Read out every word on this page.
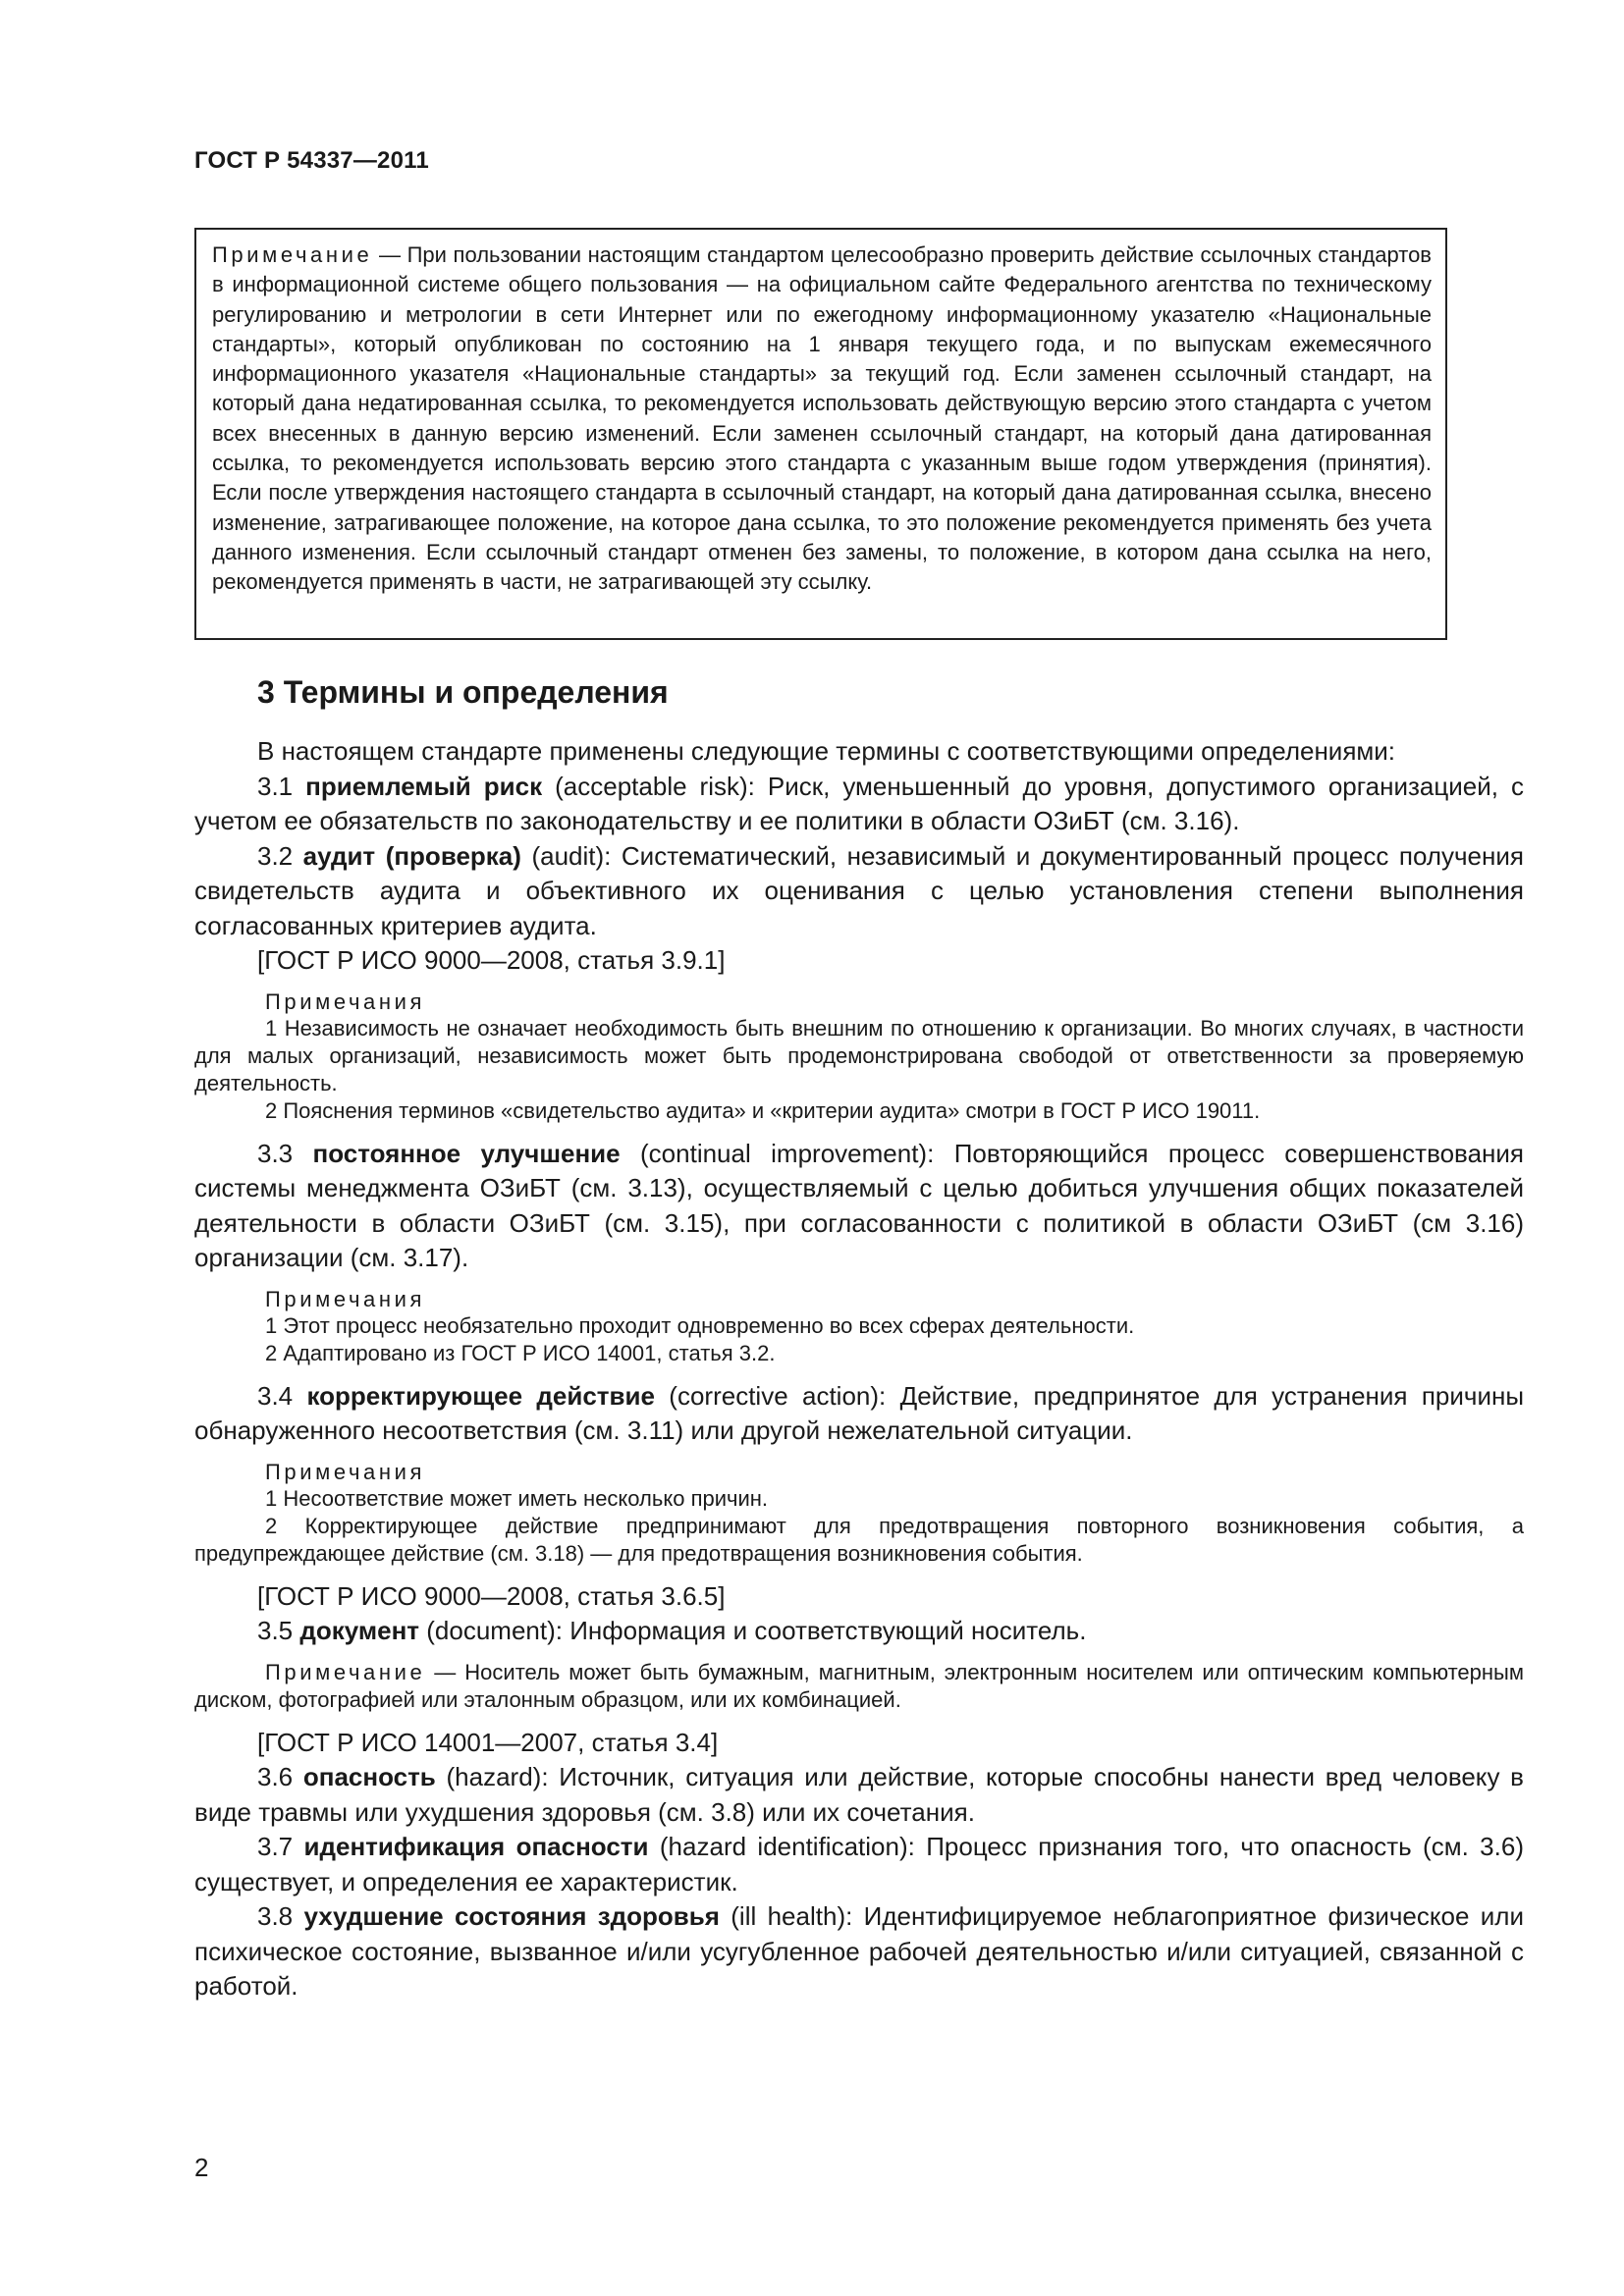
ГОСТ Р 54337—2011

Примечание — При пользовании настоящим стандартом целесообразно проверить действие ссылочных стандартов в информационной системе общего пользования — на официальном сайте Федерального агентства по техническому регулированию и метрологии в сети Интернет или по ежегодному информационному указателю «Национальные стандарты», который опубликован по состоянию на 1 января текущего года, и по выпускам ежемесячного информационного указателя «Национальные стандарты» за текущий год. Если заменен ссылочный стандарт, на который дана недатированная ссылка, то рекомендуется использовать действующую версию этого стандарта с учетом всех внесенных в данную версию изменений. Если заменен ссылочный стандарт, на который дана датированная ссылка, то рекомендуется использовать версию этого стандарта с указанным выше годом утверждения (принятия). Если после утверждения настоящего стандарта в ссылочный стандарт, на который дана датированная ссылка, внесено изменение, затрагивающее положение, на которое дана ссылка, то это положение рекомендуется применять без учета данного изменения. Если ссылочный стандарт отменен без замены, то положение, в котором дана ссылка на него, рекомендуется применять в части, не затрагивающей эту ссылку.

3 Термины и определения

В настоящем стандарте применены следующие термины с соответствующими определениями:

3.1 приемлемый риск (acceptable risk): Риск, уменьшенный до уровня, допустимого организацией, с учетом ее обязательств по законодательству и ее политики в области ОЗиБТ (см. 3.16).

3.2 аудит (проверка) (audit): Систематический, независимый и документированный процесс получения свидетельств аудита и объективного их оценивания с целью установления степени выполнения согласованных критериев аудита.

[ГОСТ Р ИСО 9000—2008, статья 3.9.1]

Примечания

1 Независимость не означает необходимость быть внешним по отношению к организации. Во многих случаях, в частности для малых организаций, независимость может быть продемонстрирована свободой от ответственности за проверяемую деятельность.

2 Пояснения терминов «свидетельство аудита» и «критерии аудита» смотри в ГОСТ Р ИСО 19011.

3.3 постоянное улучшение (continual improvement): Повторяющийся процесс совершенствования системы менеджмента ОЗиБТ (см. 3.13), осуществляемый с целью добиться улучшения общих показателей деятельности в области ОЗиБТ (см. 3.15), при согласованности с политикой в области ОЗиБТ (см 3.16) организации (см. 3.17).

Примечания

1 Этот процесс необязательно проходит одновременно во всех сферах деятельности.

2 Адаптировано из ГОСТ Р ИСО 14001, статья 3.2.

3.4 корректирующее действие (corrective action): Действие, предпринятое для устранения причины обнаруженного несоответствия (см. 3.11) или другой нежелательной ситуации.

Примечания

1 Несоответствие может иметь несколько причин.

2 Корректирующее действие предпринимают для предотвращения повторного возникновения события, а предупреждающее действие (см. 3.18) — для предотвращения возникновения события.

[ГОСТ Р ИСО 9000—2008, статья 3.6.5]

3.5 документ (document): Информация и соответствующий носитель.

Примечание — Носитель может быть бумажным, магнитным, электронным носителем или оптическим компьютерным диском, фотографией или эталонным образцом, или их комбинацией.

[ГОСТ Р ИСО 14001—2007, статья 3.4]

3.6 опасность (hazard): Источник, ситуация или действие, которые способны нанести вред человеку в виде травмы или ухудшения здоровья (см. 3.8) или их сочетания.

3.7 идентификация опасности (hazard identification): Процесс признания того, что опасность (см. 3.6) существует, и определения ее характеристик.

3.8 ухудшение состояния здоровья (ill health): Идентифицируемое неблагоприятное физическое или психическое состояние, вызванное и/или усугубленное рабочей деятельностью и/или ситуацией, связанной с работой.

2
